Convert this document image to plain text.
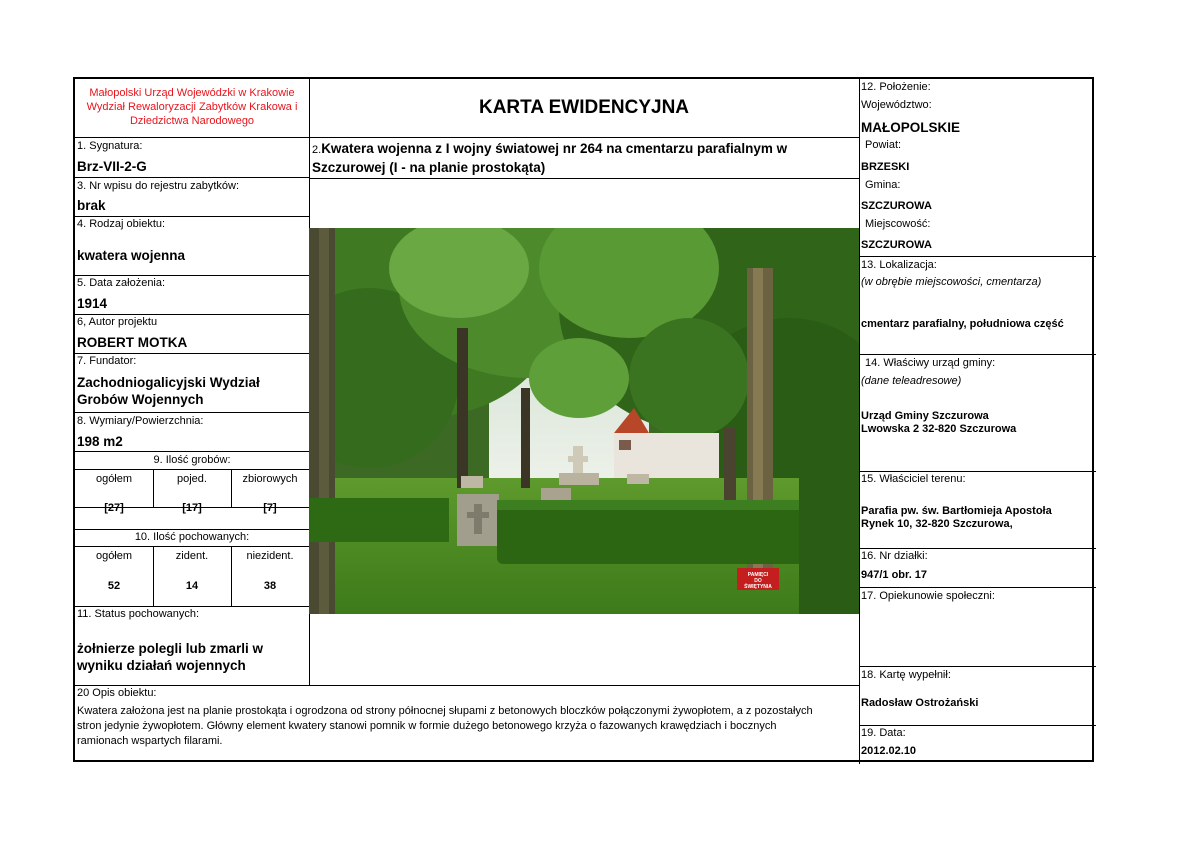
Małopolski Urząd Wojewódzki w Krakowie
Wydział Rewaloryzacji Zabytków Krakowa i
Dziedzictwa Narodowego
KARTA EWIDENCYJNA
1. Sygnatura:
Brz-VII-2-G
3. Nr wpisu do rejestru zabytków:
brak
4. Rodzaj obiektu:
kwatera wojenna
5. Data założenia:
1914
6, Autor projektu
ROBERT MOTKA
7. Fundator:
Zachodniogalicyjski Wydział
Grobów Wojennych
8. Wymiary/Powierzchnia:
198 m2
9. Ilość grobów:
ogółem	pojed.	zbiorowych
[27]	[17]	[7]
10. Ilość pochowanych:
ogółem	zident.	niezident.
52	14	38
11. Status pochowanych:
żołnierze polegli lub zmarli w
wyniku działań wojennych
2.Kwatera wojenna z I wojny światowej nr 264 na cmentarzu parafialnym w
Szczurowej (I - na planie prostokąta)
PAMIĘCI
DO
ŚWIĘTYNIA
20 Opis obiektu:
Kwatera założona jest na planie prostokąta i ogrodzona od strony północnej słupami z betonowych bloczków połączonymi żywopłotem, a z pozostałych
stron jedynie żywopłotem. Główny element kwatery stanowi pomnik w formie dużego betonowego krzyża o fazowanych krawędziach i bocznych
ramionach wspartych filarami.
12. Położenie:
Województwo:
MAŁOPOLSKIE
Powiat:
BRZESKI
Gmina:
SZCZUROWA
Miejscowość:
SZCZUROWA
13. Lokalizacja:
(w obrębie miejscowości, cmentarza)
cmentarz parafialny, południowa część
14. Właściwy urząd gminy:
(dane teleadresowe)
Urząd Gminy Szczurowa
Lwowska 2 32-820 Szczurowa
15. Właściciel terenu:
Parafia pw. św. Bartłomieja Apostoła
Rynek 10, 32-820 Szczurowa,
16. Nr działki:
947/1 obr. 17
17. Opiekunowie społeczni:
18. Kartę wypełnił:
Radosław Ostrożański
19. Data:
2012.02.10
